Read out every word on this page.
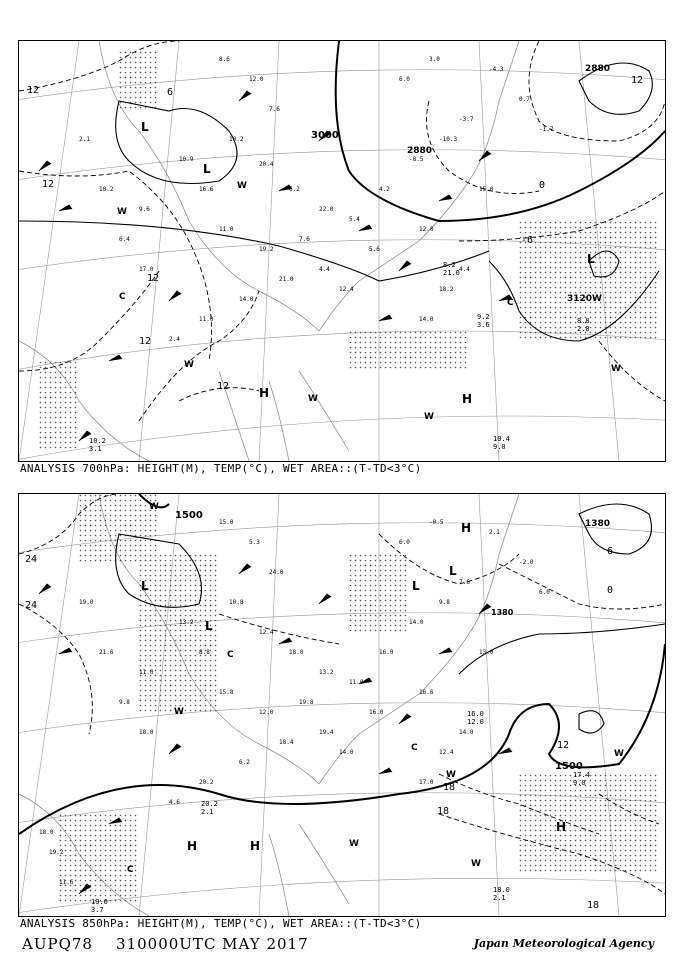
8.6
12.0
7.6
10.2
20.4
6.2
22.0
5.4
4.2
-8.5
-10.3
-3.7
6.0
3.0
-4.3
0.7
-1.7
15.0
12.0
5.6
4.4
21.0
14.0
11.0
2.4
17.0
6.4
10.2
2.1
9.6
10.9
16.6
11.0
19.2
7.6
12.4	18.2
4.4
14.0
L
L
L
H	H
W
W
W
W
W
W
C
C
3000
2880
3120W
2880
12
12
12
12
12
6
0
-6
12
10.4
9.0
8.8
2.8
9.2
3.6
10.2
3.1
8.2
21.0
ANALYSIS 700hPa: HEIGHT(M), TEMP(°C), WET AREA::(T-TD<3°C)
15.0
5.3
24.0
10.8
12.4
18.0
13.2
11.0
16.0
14.0
9.8
7.6
6.0
-0.5
2.1
-2.0
6.0
13.0
16.6
16.0
19.4
18.4
6.2
20.2
4.6
18.0
9.8
21.6
19.0
11.0
13.2
8.8
15.8
12.0
19.8
14.0	12.4
14.0
17.0
18.0
19.2
11.6
L
L
L
L
H
H
H	H
W
W
W
W
W
W
C
C
C
1500
1500
1380
1380
24
24
18
18
12
18
6
0
18.0
2.1
17.4
9.0
20.2
2.1
19.0
3.7
16.0
12.0
ANALYSIS 850hPa: HEIGHT(M), TEMP(°C), WET AREA::(T-TD<3°C)
AUPQ78 310000UTC MAY 2017	Japan Meteorological Agency
